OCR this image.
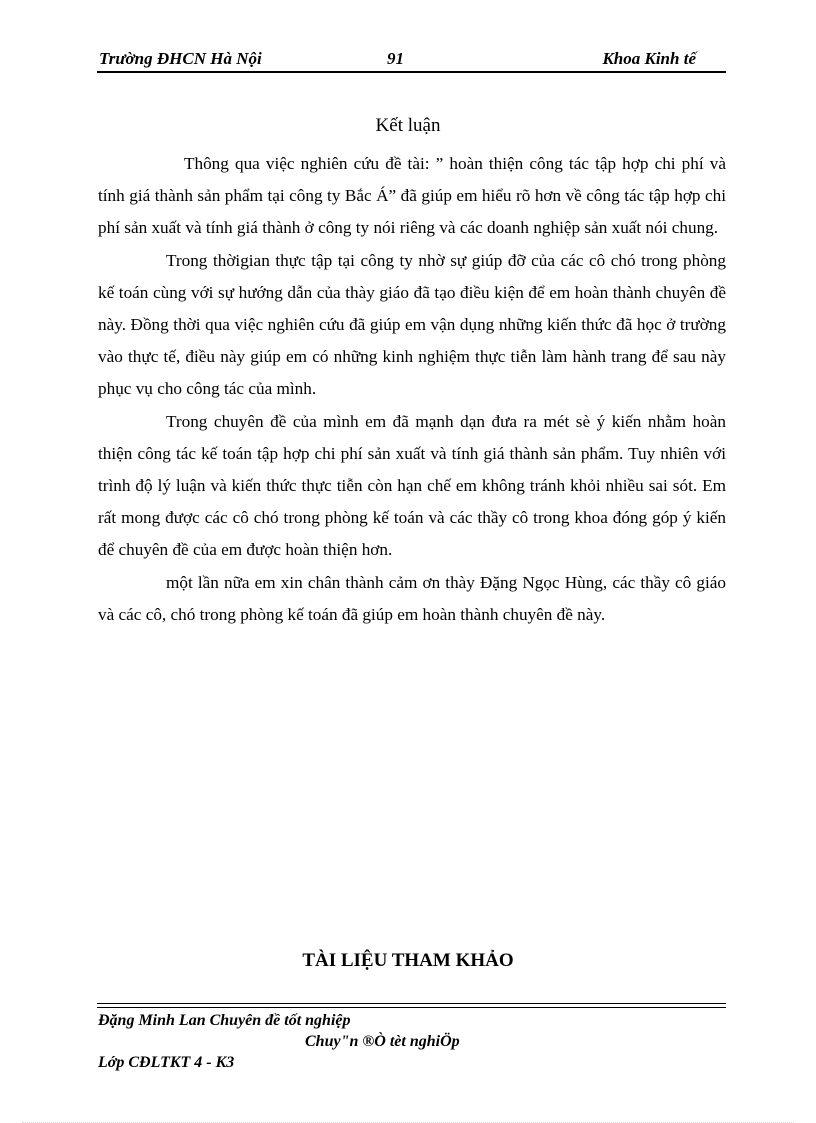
Trường ĐHCN Hà Nội	91	Khoa Kinh tế
Kết luận

Thông qua việc nghiên cứu đề tài: ” hoàn thiện công tác tập hợp chi phí và tính giá thành sản phẩm tại công ty Bắc Á” đã giúp em hiểu rõ hơn về công tác tập hợp chi phí sản xuất và tính giá thành ở công ty nói riêng và các doanh nghiệp sản xuất nói chung.

Trong thờigian thực tập tại công ty nhờ sự giúp đỡ của các cô chó trong phòng kế toán cùng với sự hướng dẫn của thày giáo đã tạo điều kiện để em hoàn thành chuyên đề này. Đồng thời qua việc nghiên cứu đã giúp em vận dụng những kiến thức đã học ở trường vào thực tế, điều này giúp em có những kinh nghiệm thực tiễn làm hành trang để sau này phục vụ cho công tác của mình.

Trong chuyên đề của mình em đã mạnh dạn đưa ra mét sè ý kiến nhằm hoàn thiện công tác kế toán tập hợp chi phí sản xuất và tính giá thành sản phẩm. Tuy nhiên với trình độ lý luận và kiến thức thực tiễn còn hạn chế em không tránh khỏi nhiều sai sót. Em rất mong được các cô chó trong phòng kế toán và các thầy cô trong khoa đóng góp ý kiến để chuyên đề của em được hoàn thiện hơn.

một lần nữa em xin chân thành cảm ơn thày Đặng Ngọc Hùng, các thầy cô giáo và các cô, chó trong phòng kế toán đã giúp em hoàn thành chuyên đề này.

TÀI LIỆU THAM KHẢO
Đặng Minh Lan Chuyên đề tốt nghiệp
Chuy"n ®Ò tèt nghiÖp
Lớp CĐLTKT 4 - K3
